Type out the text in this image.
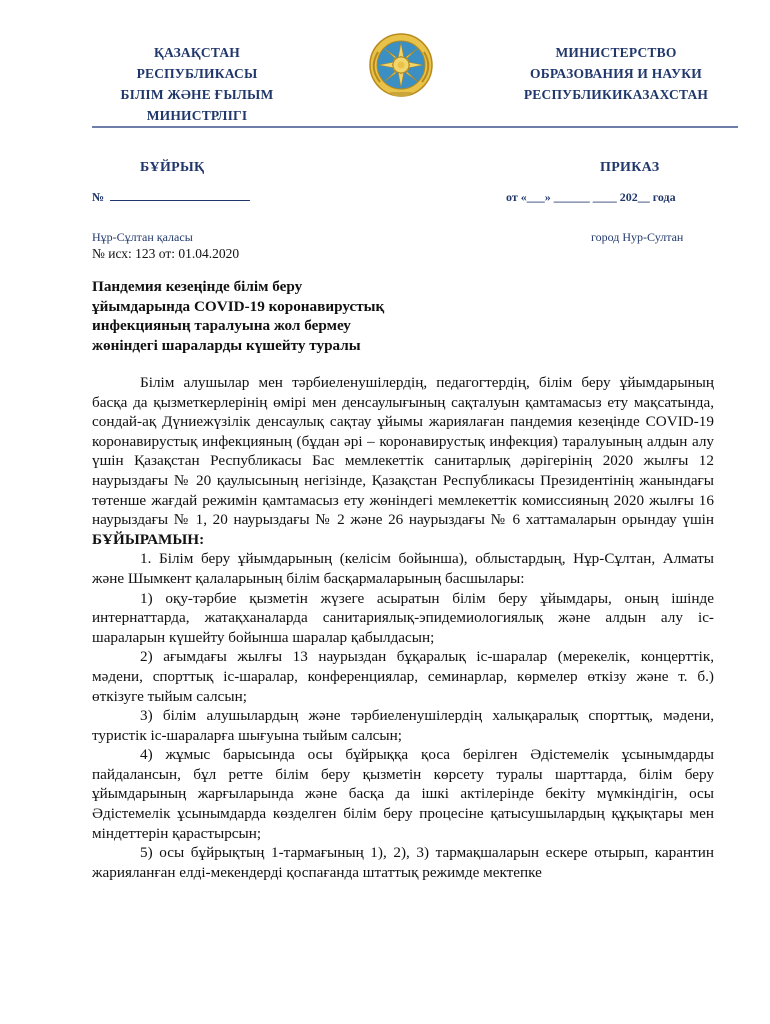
ҚАЗАҚСТАН
РЕСПУБЛИКАСЫ
БІЛІМ ЖӘНЕ ҒЫЛЫМ
МИНИСТРЛІГІ
МИНИСТЕРСТВО
ОБРАЗОВАНИЯ И НАУКИ
РЕСПУБЛИКИКАЗАХСТАН
БҰЙРЫҚ	ПРИКАЗ
№	от «___» ______ ____ 202__ года
Нұр-Сұлтан қаласы	город Нур-Султан
№ исх: 123 от: 01.04.2020
Пандемия кезеңінде білім беру
ұйымдарында COVID-19 коронавирустық
инфекцияның таралуына жол бермеу
жөніндегі шараларды күшейту туралы
Білім алушылар мен тәрбиеленушілердің, педагогтердің, білім беру ұйымдарының басқа да қызметкерлерінің өмірі мен денсаулығының сақталуын қамтамасыз ету мақсатында, сондай-ақ Дүниежүзілік денсаулық сақтау ұйымы жариялаған пандемия кезеңінде COVID-19 коронавирустық инфекцияның (бұдан әрі – коронавирустық инфекция) таралуының алдын алу үшін Қазақстан Республикасы Бас мемлекеттік санитарлық дәрігерінің 2020 жылғы 12 наурыздағы № 20 қаулысының негізінде, Қазақстан Республикасы Президентінің жанындағы төтенше жағдай режимін қамтамасыз ету жөніндегі мемлекеттік комиссияның 2020 жылғы 16 наурыздағы № 1, 20 наурыздағы № 2 және 26 наурыздағы № 6 хаттамаларын орындау үшін БҰЙЫРАМЫН:
1. Білім беру ұйымдарының (келісім бойынша), облыстардың, Нұр-Сұлтан, Алматы және Шымкент қалаларының білім басқармаларының басшылары:
1) оқу-тәрбие қызметін жүзеге асыратын білім беру ұйымдары, оның ішінде интернаттарда, жатақханаларда санитариялық-эпидемиологиялық және алдын алу іс-шараларын күшейту бойынша шаралар қабылдасын;
2) ағымдағы жылғы 13 наурыздан бұқаралық іс-шаралар (мерекелік, концерттік, мәдени, спорттық іс-шаралар, конференциялар, семинарлар, көрмелер өткізу және т. б.) өткізуге тыйым салсын;
3) білім алушылардың және тәрбиеленушілердің халықаралық спорттық, мәдени, туристік іс-шараларға шығуына тыйым салсын;
4) жұмыс барысында осы бұйрыққа қоса берілген Әдістемелік ұсынымдарды пайдалансын, бұл ретте білім беру қызметін көрсету туралы шарттарда, білім беру ұйымдарының жарғыларында және басқа да ішкі актілерінде бекіту мүмкіндігін, осы Әдістемелік ұсынымдарда көзделген білім беру процесіне қатысушылардың құқықтары мен міндеттерін қарастырсын;
5) осы бұйрықтың 1-тармағының 1), 2), 3) тармақшаларын ескере отырып, карантин жарияланған елді-мекендерді қоспағанда штаттық режимде мектепке
